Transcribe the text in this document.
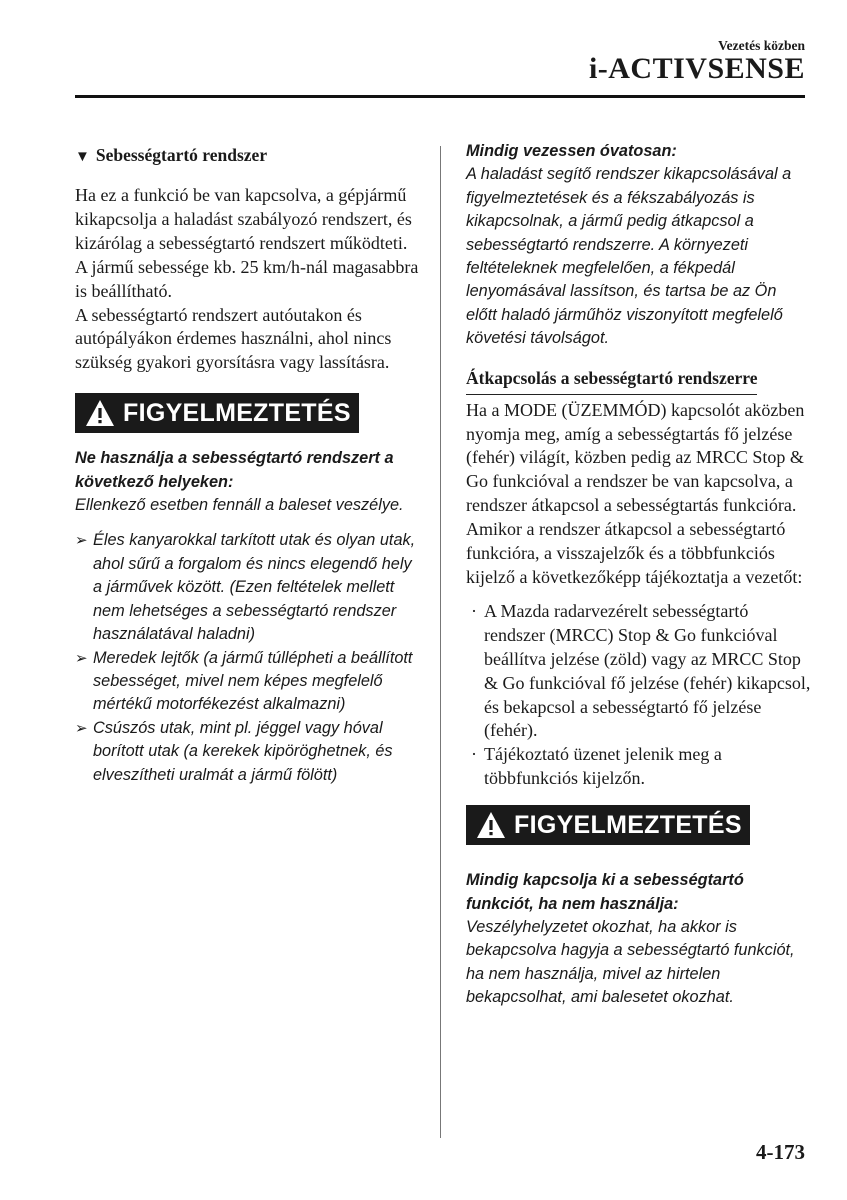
Vezetés közben
i-ACTIVSENSE
▼ Sebességtartó rendszer

Ha ez a funkció be van kapcsolva, a gépjármű kikapcsolja a haladást szabályozó rendszert, és kizárólag a sebességtartó rendszert működteti.

A jármű sebessége kb. 25 km/h-nál magasabbra is beállítható.

A sebességtartó rendszert autóutakon és autópályákon érdemes használni, ahol nincs szükség gyakori gyorsításra vagy lassításra.

FIGYELMEZTETÉS

Ne használja a sebességtartó rendszert a következő helyeken:

Ellenkező esetben fennáll a baleset veszélye.

➢ Éles kanyarokkal tarkított utak és olyan utak, ahol sűrű a forgalom és nincs elegendő hely a járművek között. (Ezen feltételek mellett nem lehetséges a sebességtartó rendszer használatával haladni)
➢ Meredek lejtők (a jármű túllépheti a beállított sebességet, mivel nem képes megfelelő mértékű motorfékezést alkalmazni)
➢ Csúszós utak, mint pl. jéggel vagy hóval borított utak (a kerekek kipöröghetnek, és elveszítheti uralmát a jármű fölött)

Mindig vezessen óvatosan:

A haladást segítő rendszer kikapcsolásával a figyelmeztetések és a fékszabályozás is kikapcsolnak, a jármű pedig átkapcsol a sebességtartó rendszerre. A környezeti feltételeknek megfelelően, a fékpedál lenyomásával lassítson, és tartsa be az Ön előtt haladó járműhöz viszonyított megfelelő követési távolságot.

Átkapcsolás a sebességtartó rendszerre

Ha a MODE (ÜZEMMÓD) kapcsolót aközben nyomja meg, amíg a sebességtartás fő jelzése (fehér) világít, közben pedig az MRCC Stop & Go funkcióval a rendszer be van kapcsolva, a rendszer átkapcsol a sebességtartás funkcióra.

Amikor a rendszer átkapcsol a sebességtartó funkcióra, a visszajelzők és a többfunkciós kijelző a következőképp tájékoztatja a vezetőt:

· A Mazda radarvezérelt sebességtartó rendszer (MRCC) Stop & Go funkcióval beállítva jelzése (zöld) vagy az MRCC Stop & Go funkcióval fő jelzése (fehér) kikapcsol, és bekapcsol a sebességtartó fő jelzése (fehér).
· Tájékoztató üzenet jelenik meg a többfunkciós kijelzőn.
FIGYELMEZTETÉS

Mindig kapcsolja ki a sebességtartó funkciót, ha nem használja:

Veszélyhelyzetet okozhat, ha akkor is bekapcsolva hagyja a sebességtartó funkciót, ha nem használja, mivel az hirtelen bekapcsolhat, ami balesetet okozhat.

4-173
